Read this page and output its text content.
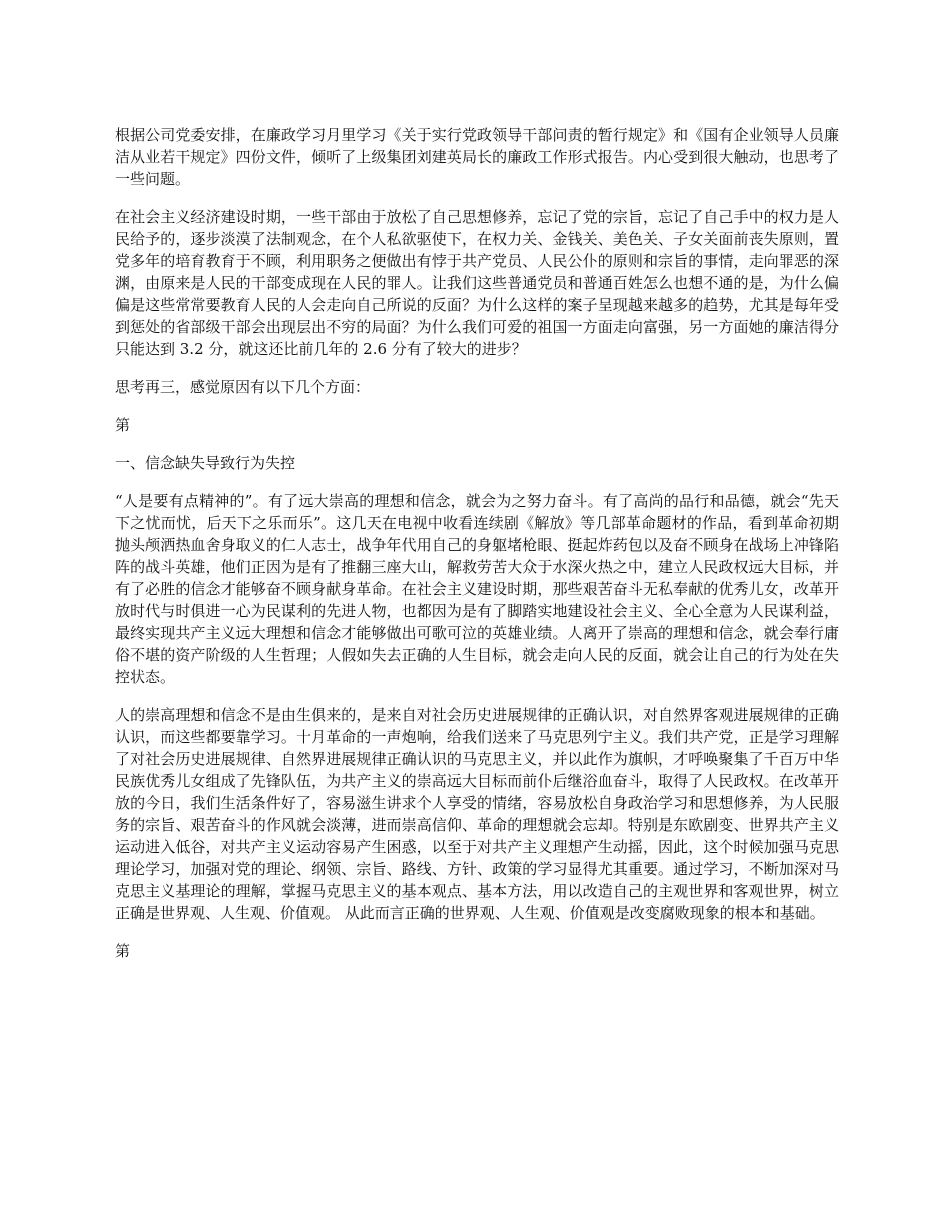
根据公司党委安排，在廉政学习月里学习《关于实行党政领导干部问责的暂行规定》和《国有企业领导人员廉洁从业若干规定》四份文件，倾听了上级集团刘建英局长的廉政工作形式报告。内心受到很大触动，也思考了一些问题。

在社会主义经济建设时期，一些干部由于放松了自己思想修养，忘记了党的宗旨，忘记了自己手中的权力是人民给予的，逐步淡漠了法制观念，在个人私欲驱使下，在权力关、金钱关、美色关、子女关面前丧失原则，置党多年的培育教育于不顾，利用职务之便做出有悖于共产党员、人民公仆的原则和宗旨的事情，走向罪恶的深渊，由原来是人民的干部变成现在人民的罪人。让我们这些普通党员和普通百姓怎么也想不通的是，为什么偏偏是这些常常要教育人民的人会走向自己所说的反面？为什么这样的案子呈现越来越多的趋势，尤其是每年受到惩处的省部级干部会出现层出不穷的局面？为什么我们可爱的祖国一方面走向富强，另一方面她的廉洁得分只能达到 3.2 分，就这还比前几年的 2.6 分有了较大的进步？

思考再三，感觉原因有以下几个方面：

第

一、信念缺失导致行为失控

“人是要有点精神的”。有了远大崇高的理想和信念，就会为之努力奋斗。有了高尚的品行和品德，就会“先天下之忧而忧，后天下之乐而乐”。这几天在电视中收看连续剧《解放》等几部革命题材的作品，看到革命初期抛头颅洒热血舍身取义的仁人志士，战争年代用自己的身躯堵枪眼、挺起炸药包以及奋不顾身在战场上冲锋陷阵的战斗英雄，他们正因为是有了推翻三座大山，解救劳苦大众于水深火热之中，建立人民政权远大目标，并有了必胜的信念才能够奋不顾身献身革命。在社会主义建设时期，那些艰苦奋斗无私奉献的优秀儿女，改革开放时代与时俱进一心为民谋利的先进人物，也都因为是有了脚踏实地建设社会主义、全心全意为人民谋利益，最终实现共产主义远大理想和信念才能够做出可歌可泣的英雄业绩。人离开了崇高的理想和信念，就会奉行庸俗不堪的资产阶级的人生哲理；人假如失去正确的人生目标，就会走向人民的反面，就会让自己的行为处在失控状态。

人的崇高理想和信念不是由生俱来的，是来自对社会历史进展规律的正确认识，对自然界客观进展规律的正确认识，而这些都要靠学习。十月革命的一声炮响，给我们送来了马克思列宁主义。我们共产党，正是学习理解了对社会历史进展规律、自然界进展规律正确认识的马克思主义，并以此作为旗帜，才呼唤聚集了千百万中华民族优秀儿女组成了先锋队伍，为共产主义的崇高远大目标而前仆后继浴血奋斗，取得了人民政权。在改革开放的今日，我们生活条件好了，容易滋生讲求个人享受的情绪，容易放松自身政治学习和思想修养，为人民服务的宗旨、艰苦奋斗的作风就会淡薄，进而崇高信仰、革命的理想就会忘却。特别是东欧剧变、世界共产主义运动进入低谷，对共产主义运动容易产生困惑，以至于对共产主义理想产生动摇，因此，这个时候加强马克思理论学习，加强对党的理论、纲领、宗旨、路线、方针、政策的学习显得尤其重要。通过学习，不断加深对马克思主义基理论的理解，掌握马克思主义的基本观点、基本方法，用以改造自己的主观世界和客观世界，树立正确是世界观、人生观、价值观。 从此而言正确的世界观、人生观、价值观是改变腐败现象的根本和基础。

第
